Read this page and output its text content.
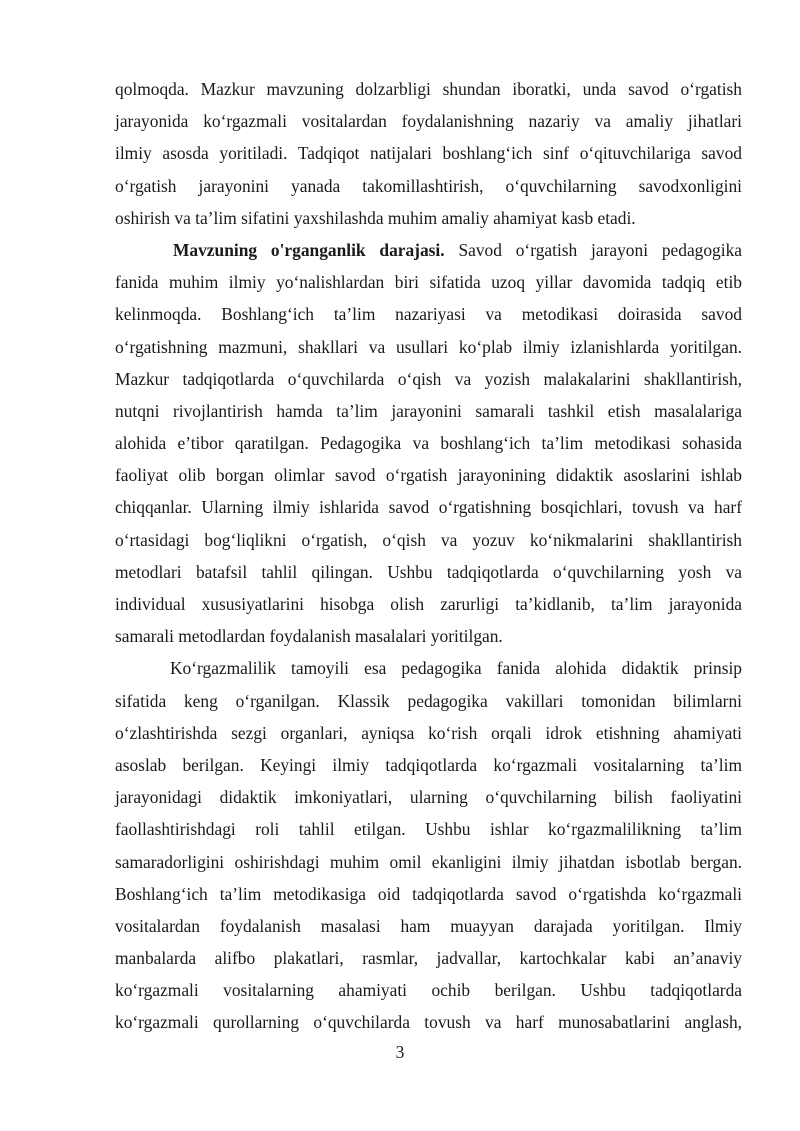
qolmoqda. Mazkur mavzuning dolzarbligi shundan iboratki, unda savod o‘rgatish
jarayonida ko‘rgazmali vositalardan foydalanishning nazariy va amaliy jihatlari
ilmiy asosda yoritiladi. Tadqiqot natijalari boshlang‘ich sinf o‘qituvchilariga savod
o‘rgatish jarayonini yanada takomillashtirish, o‘quvchilarning savodxonligini
oshirish va ta’lim sifatini yaxshilashda muhim amaliy ahamiyat kasb etadi.
Mavzuning o'rganganlik darajasi. Savod o‘rgatish jarayoni pedagogika
fanida muhim ilmiy yo‘nalishlardan biri sifatida uzoq yillar davomida tadqiq etib
kelinmoqda. Boshlang‘ich ta’lim nazariyasi va metodikasi doirasida savod
o‘rgatishning mazmuni, shakllari va usullari ko‘plab ilmiy izlanishlarda yoritilgan.
Mazkur tadqiqotlarda o‘quvchilarda o‘qish va yozish malakalarini shakllantirish,
nutqni rivojlantirish hamda ta’lim jarayonini samarali tashkil etish masalalariga
alohida e’tibor qaratilgan. Pedagogika va boshlang‘ich ta’lim metodikasi sohasida
faoliyat olib borgan olimlar savod o‘rgatish jarayonining didaktik asoslarini ishlab
chiqqanlar. Ularning ilmiy ishlarida savod o‘rgatishning bosqichlari, tovush va harf
o‘rtasidagi bog‘liqlikni o‘rgatish, o‘qish va yozuv ko‘nikmalarini shakllantirish
metodlari batafsil tahlil qilingan. Ushbu tadqiqotlarda o‘quvchilarning yosh va
individual xususiyatlarini hisobga olish zarurligi ta’kidlanib, ta’lim jarayonida
samarali metodlardan foydalanish masalalari yoritilgan.
Ko‘rgazmalilik tamoyili esa pedagogika fanida alohida didaktik prinsip
sifatida keng o‘rganilgan. Klassik pedagogika vakillari tomonidan bilimlarni
o‘zlashtirishda sezgi organlari, ayniqsa ko‘rish orqali idrok etishning ahamiyati
asoslab berilgan. Keyingi ilmiy tadqiqotlarda ko‘rgazmali vositalarning ta’lim
jarayonidagi didaktik imkoniyatlari, ularning o‘quvchilarning bilish faoliyatini
faollashtirishdagi roli tahlil etilgan. Ushbu ishlar ko‘rgazmalilikning ta’lim
samaradorligini oshirishdagi muhim omil ekanligini ilmiy jihatdan isbotlab bergan.
Boshlang‘ich ta’lim metodikasiga oid tadqiqotlarda savod o‘rgatishda ko‘rgazmali
vositalardan foydalanish masalasi ham muayyan darajada yoritilgan. Ilmiy
manbalarda alifbo plakatlari, rasmlar, jadvallar, kartochkalar kabi an’anaviy
ko‘rgazmali vositalarning ahamiyati ochib berilgan. Ushbu tadqiqotlarda
ko‘rgazmali qurollarning o‘quvchilarda tovush va harf munosabatlarini anglash,
3
